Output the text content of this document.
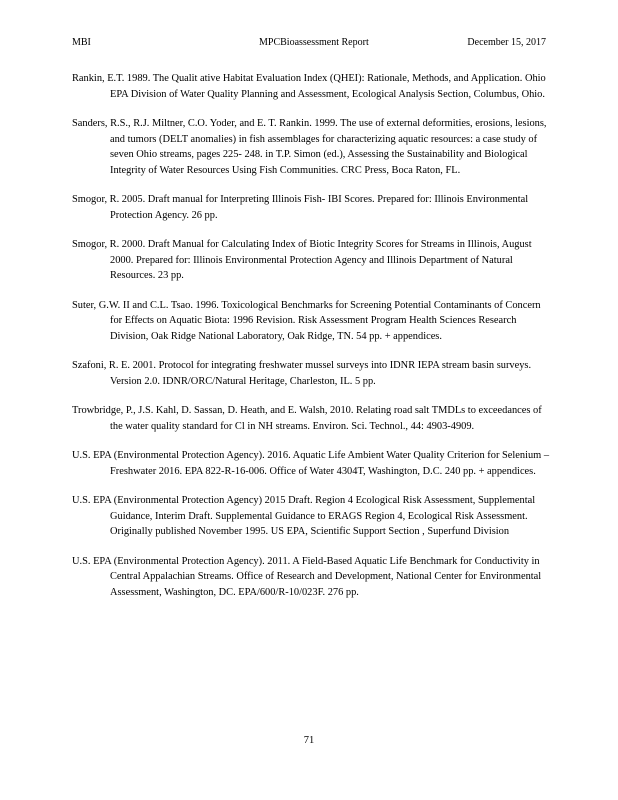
MBI	MPCBioassessment Report	December 15, 2017

Rankin, E.T. 1989. The Qualit ative Habitat Evaluation Index (QHEI): Rationale, Methods, and Application. Ohio EPA Division of Water Quality Planning and Assessment, Ecological Analysis Section, Columbus, Ohio.

Sanders, R.S., R.J. Miltner, C.O. Yoder, and E. T. Rankin. 1999. The use of external deformities, erosions, lesions, and tumors (DELT anomalies) in fish assemblages for characterizing aquatic resources: a case study of seven Ohio streams, pages 225- 248. in T.P. Simon (ed.), Assessing the Sustainability and Biological Integrity of Water Resources Using Fish Communities. CRC Press, Boca Raton, FL.

Smogor, R. 2005. Draft manual for Interpreting Illinois Fish- IBI Scores. Prepared for: Illinois Environmental Protection Agency. 26 pp.

Smogor, R. 2000. Draft Manual for Calculating Index of Biotic Integrity Scores for Streams in Illinois, August 2000. Prepared for: Illinois Environmental Protection Agency and Illinois Department of Natural Resources. 23 pp.

Suter, G.W. II and C.L. Tsao. 1996. Toxicological Benchmarks for Screening Potential Contaminants of Concern for Effects on Aquatic Biota: 1996 Revision. Risk Assessment Program Health Sciences Research Division, Oak Ridge National Laboratory, Oak Ridge, TN. 54 pp. + appendices.

Szafoni, R. E. 2001. Protocol for integrating freshwater mussel surveys into IDNR IEPA stream basin surveys. Version 2.0. IDNR/ORC/Natural Heritage, Charleston, IL. 5 pp.

Trowbridge, P., J.S. Kahl, D. Sassan, D. Heath, and E. Walsh, 2010. Relating road salt TMDLs to exceedances of the water quality standard for Cl in NH streams. Environ. Sci. Technol., 44: 4903-4909.

U.S. EPA (Environmental Protection Agency). 2016. Aquatic Life Ambient Water Quality Criterion for Selenium – Freshwater 2016. EPA 822-R-16-006. Office of Water 4304T, Washington, D.C. 240 pp. + appendices.

U.S. EPA (Environmental Protection Agency) 2015 Draft. Region 4 Ecological Risk Assessment, Supplemental Guidance, Interim Draft. Supplemental Guidance to ERAGS Region 4, Ecological Risk Assessment. Originally published November 1995. US EPA, Scientific Support Section , Superfund Division

U.S. EPA (Environmental Protection Agency). 2011. A Field-Based Aquatic Life Benchmark for Conductivity in Central Appalachian Streams. Office of Research and Development, National Center for Environmental Assessment, Washington, DC. EPA/600/R-10/023F. 276 pp.

71
